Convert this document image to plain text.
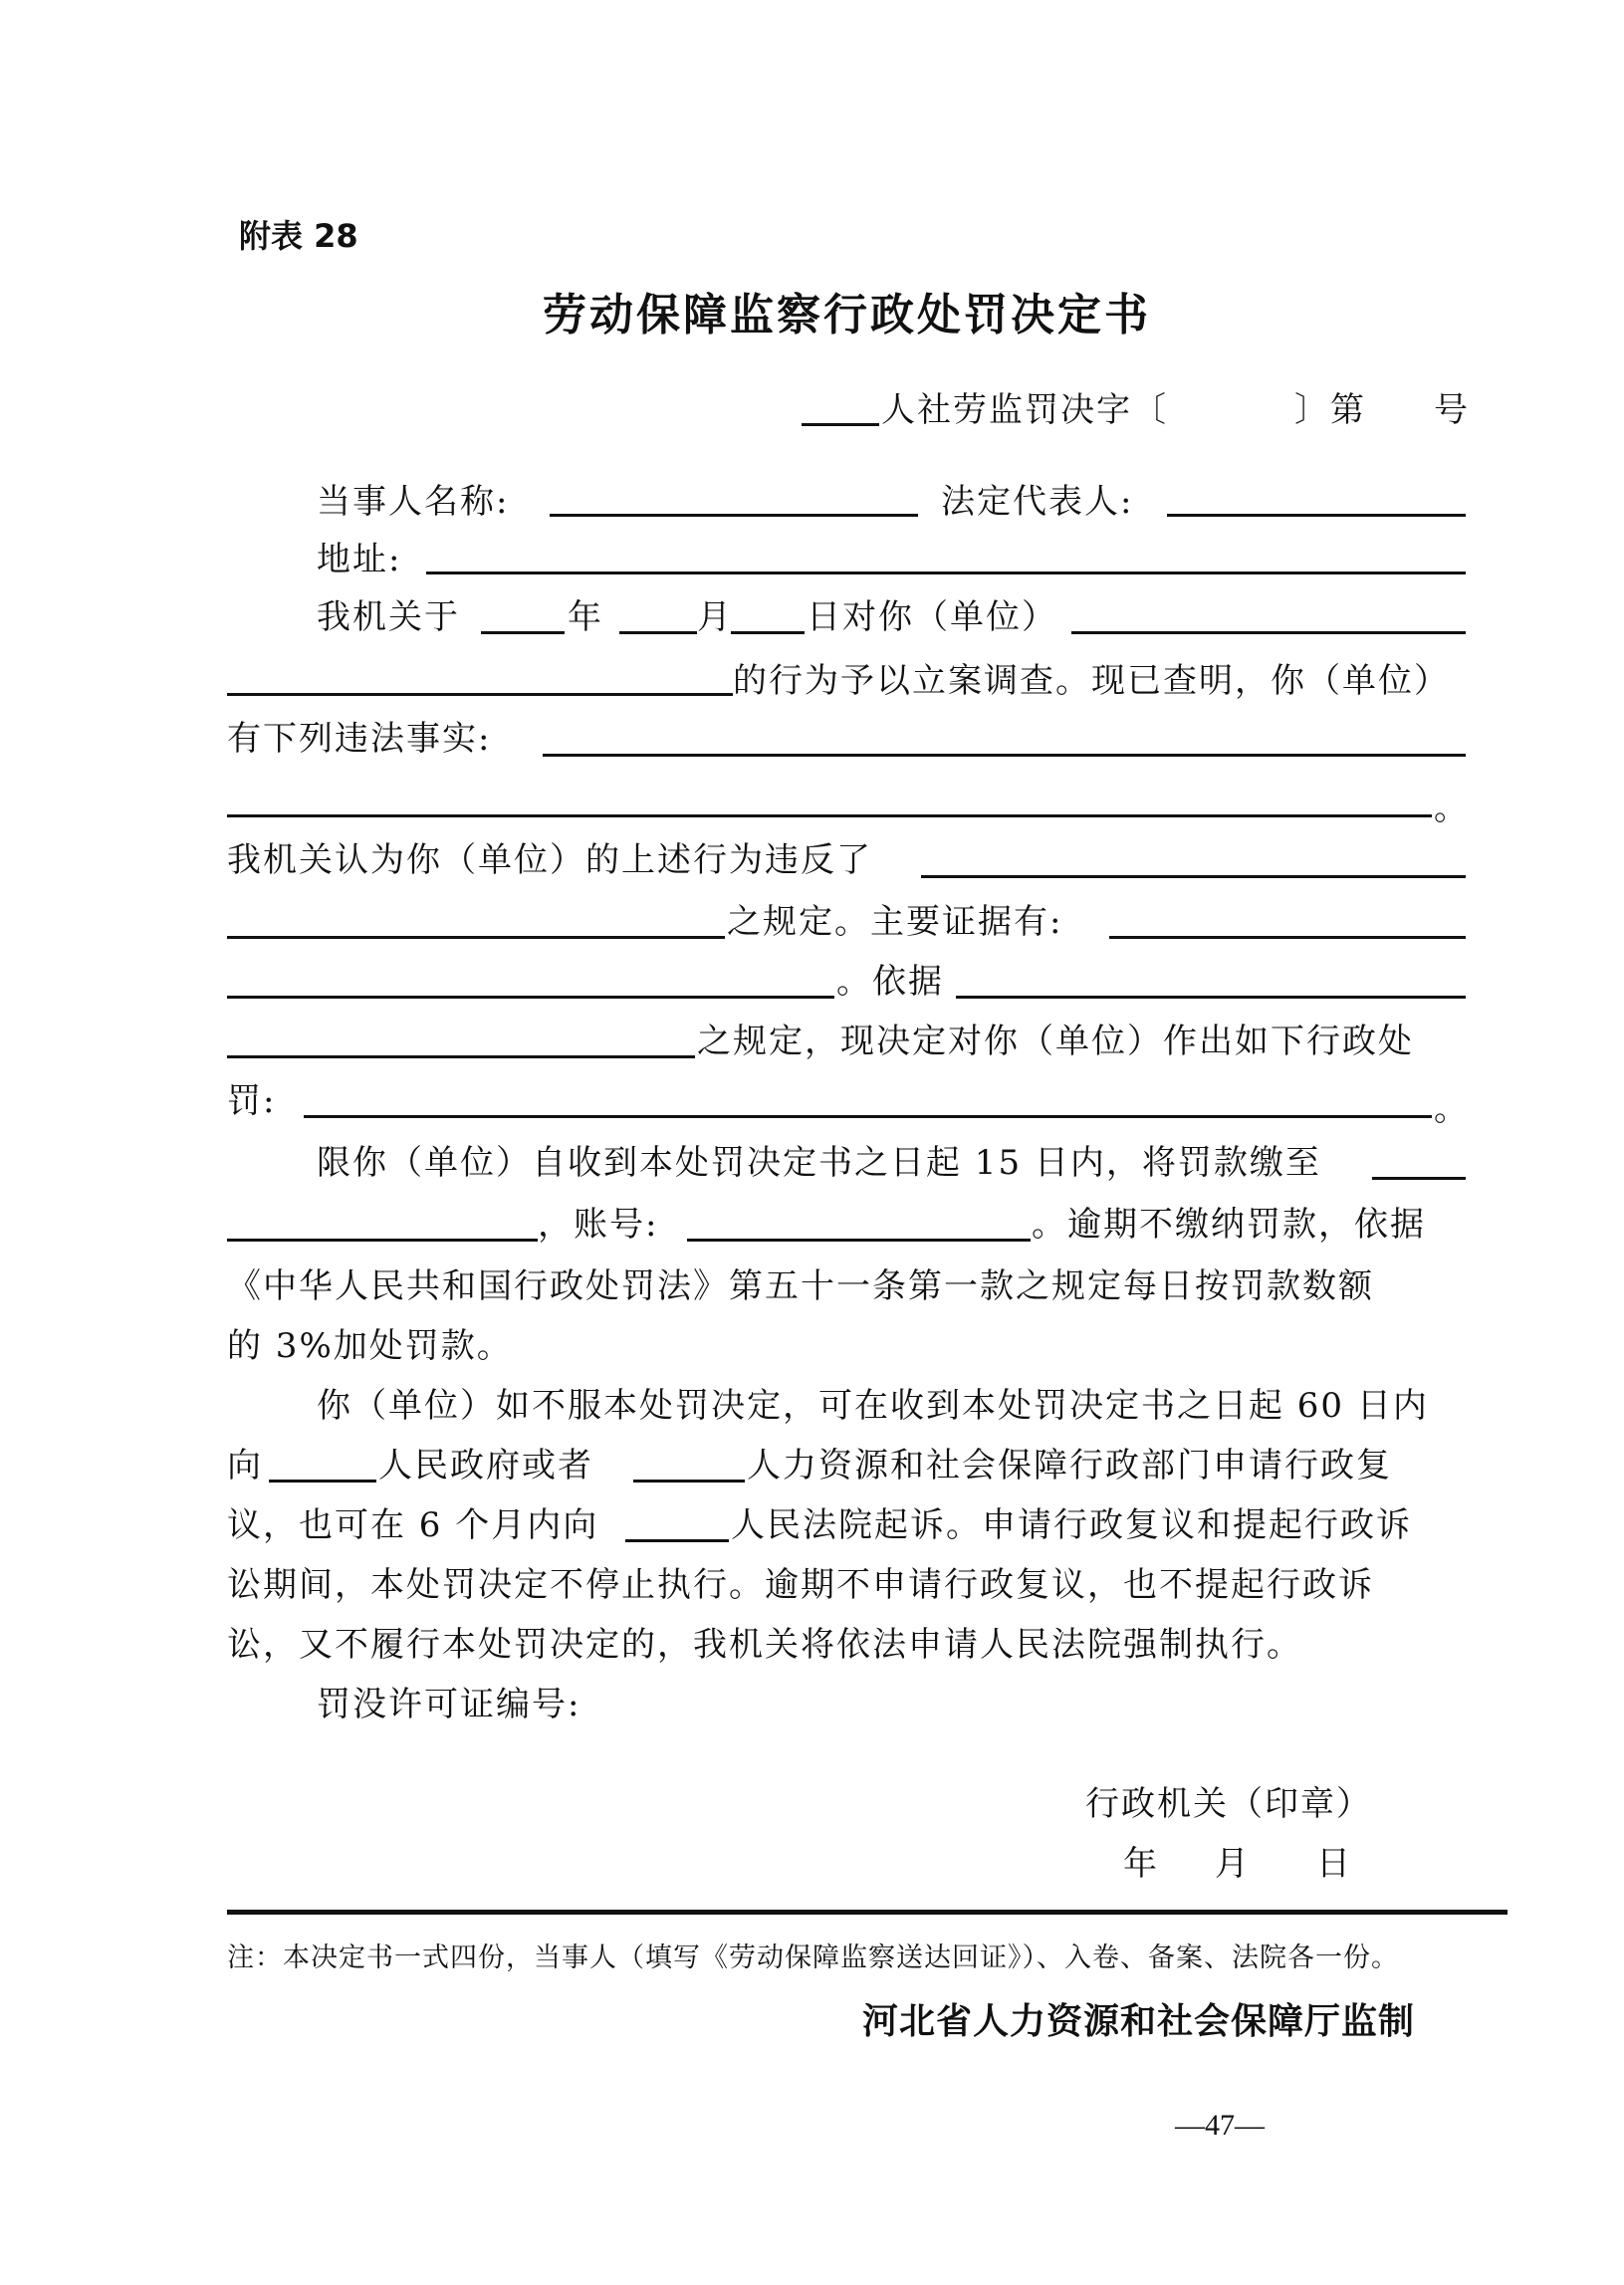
附表 28
劳动保障监察行政处罚决定书
人社劳监罚决字〔	〕第 号
当事人名称:	法定代表人:
地址:
我机关于	年	月 日对你（单位）
的行为予以立案调查。现已查明，你（单位）
有下列违法事实:
。
我机关认为你（单位）的上述行为违反了
之规定。主要证据有:
。依据
之规定，现决定对你（单位）作出如下行政处
罚:	。
限你（单位）自收到本处罚决定书之日起 15 日内，将罚款缴至
，账号:	。逾期不缴纳罚款，依据
《中华人民共和国行政处罚法》第五十一条第一款之规定每日按罚款数额
的 3%加处罚款。
你（单位）如不服本处罚决定，可在收到本处罚决定书之日起 60 日内
向	人民政府或者	人力资源和社会保障行政部门申请行政复
议，也可在 6 个月内向	人民法院起诉。申请行政复议和提起行政诉
讼期间，本处罚决定不停止执行。逾期不申请行政复议，也不提起行政诉
讼，又不履行本处罚决定的，我机关将依法申请人民法院强制执行。
罚没许可证编号:
行政机关（印章）
年 月 日
注：本决定书一式四份，当事人（填写《劳动保障监察送达回证》）、入卷、备案、法院各一份。
河北省人力资源和社会保障厅监制
—47—
